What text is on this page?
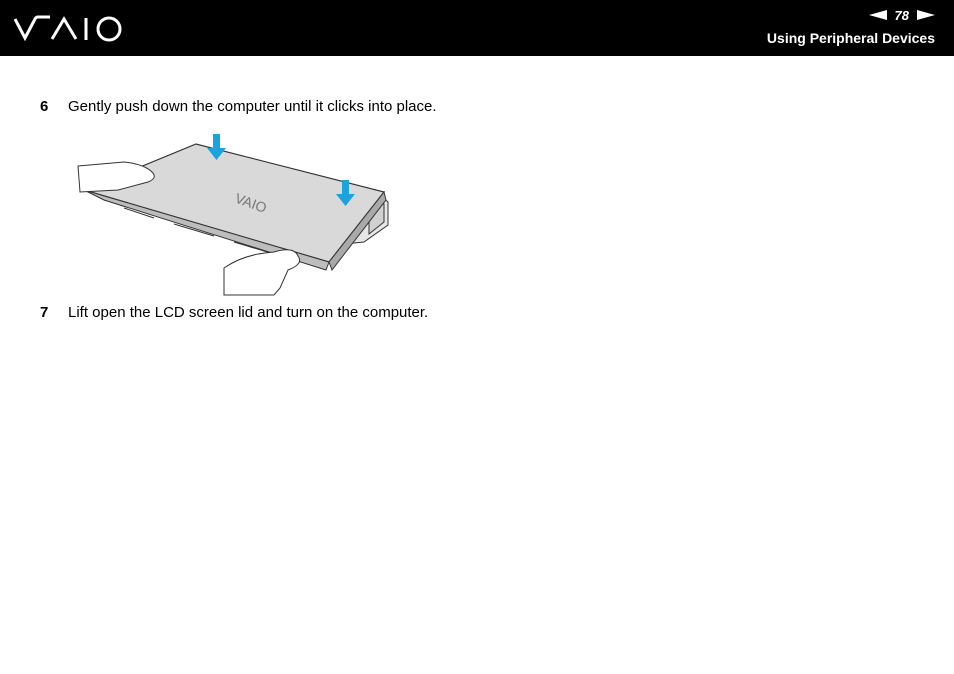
78
Using Peripheral Devices
6	Gently push down the computer until it clicks into place.
VAIO
7	Lift open the LCD screen lid and turn on the computer.
